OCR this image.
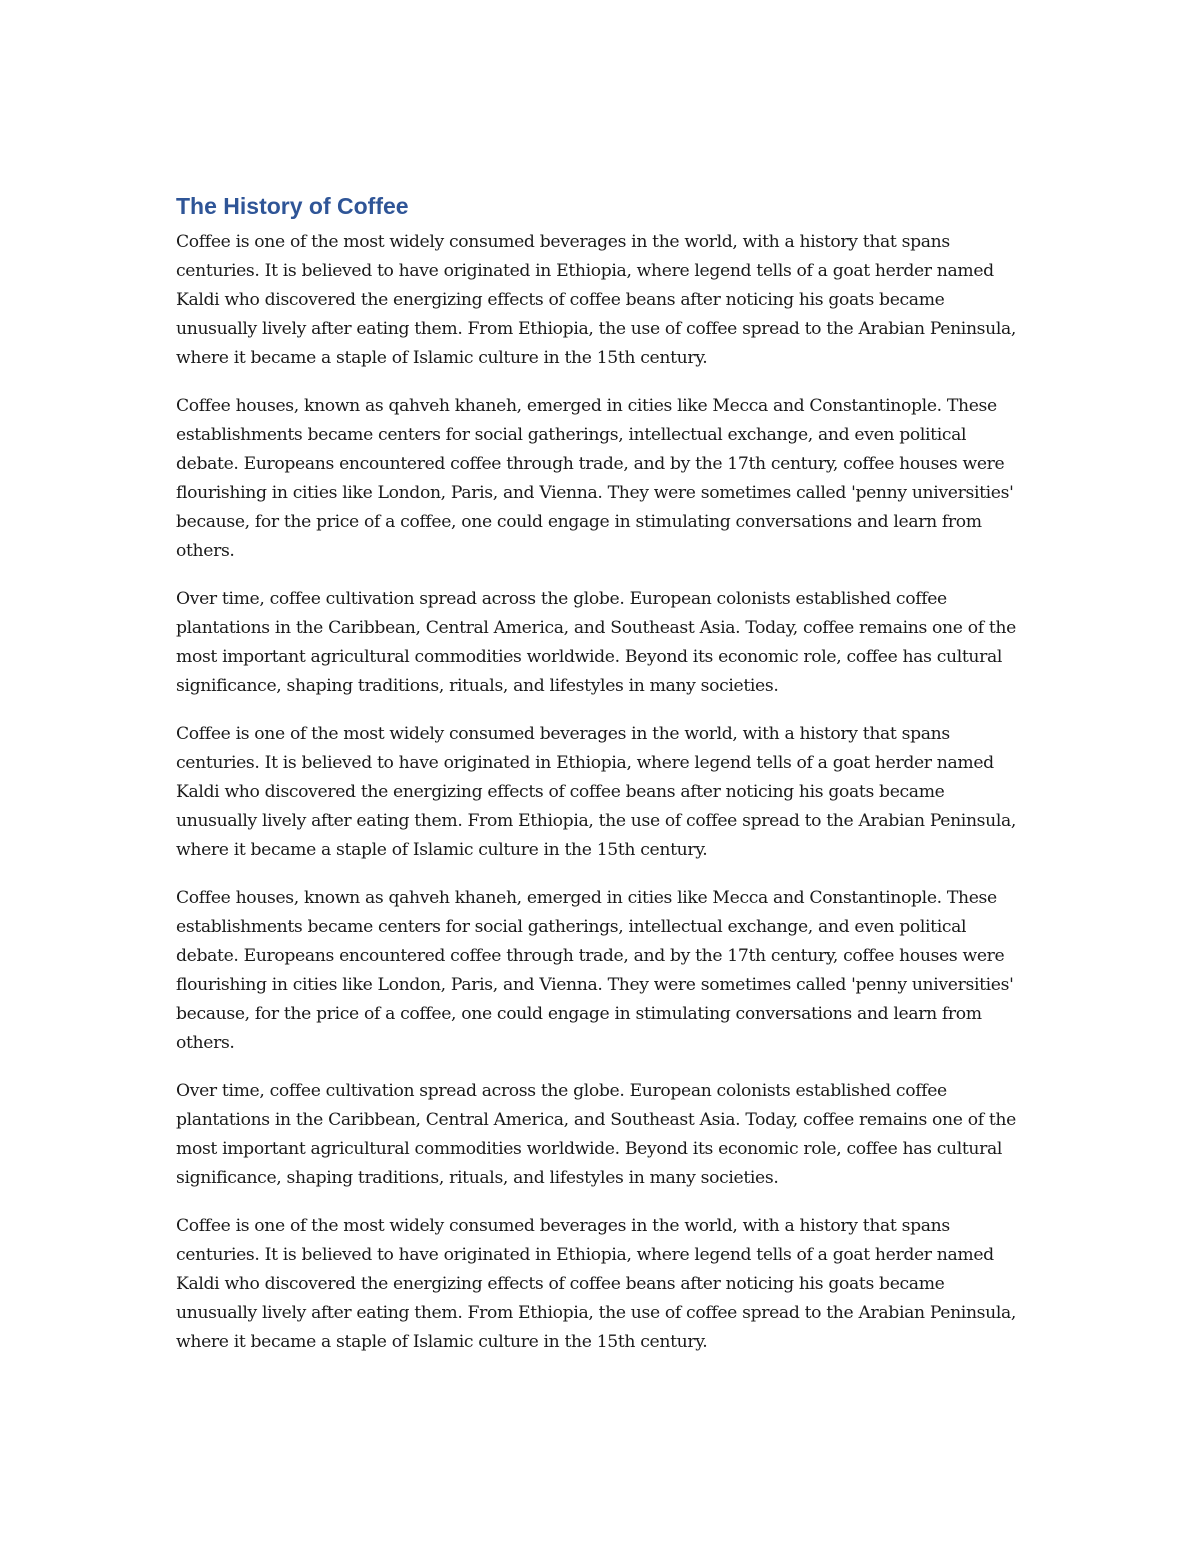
The History of Coffee

Coffee is one of the most widely consumed beverages in the world, with a history that spans centuries. It is believed to have originated in Ethiopia, where legend tells of a goat herder named Kaldi who discovered the energizing effects of coffee beans after noticing his goats became unusually lively after eating them. From Ethiopia, the use of coffee spread to the Arabian Peninsula, where it became a staple of Islamic culture in the 15th century.

Coffee houses, known as qahveh khaneh, emerged in cities like Mecca and Constantinople. These establishments became centers for social gatherings, intellectual exchange, and even political debate. Europeans encountered coffee through trade, and by the 17th century, coffee houses were flourishing in cities like London, Paris, and Vienna. They were sometimes called 'penny universities' because, for the price of a coffee, one could engage in stimulating conversations and learn from others.

Over time, coffee cultivation spread across the globe. European colonists established coffee plantations in the Caribbean, Central America, and Southeast Asia. Today, coffee remains one of the most important agricultural commodities worldwide. Beyond its economic role, coffee has cultural significance, shaping traditions, rituals, and lifestyles in many societies.

Coffee is one of the most widely consumed beverages in the world, with a history that spans centuries. It is believed to have originated in Ethiopia, where legend tells of a goat herder named Kaldi who discovered the energizing effects of coffee beans after noticing his goats became unusually lively after eating them. From Ethiopia, the use of coffee spread to the Arabian Peninsula, where it became a staple of Islamic culture in the 15th century.

Coffee houses, known as qahveh khaneh, emerged in cities like Mecca and Constantinople. These establishments became centers for social gatherings, intellectual exchange, and even political debate. Europeans encountered coffee through trade, and by the 17th century, coffee houses were flourishing in cities like London, Paris, and Vienna. They were sometimes called 'penny universities' because, for the price of a coffee, one could engage in stimulating conversations and learn from others.

Over time, coffee cultivation spread across the globe. European colonists established coffee plantations in the Caribbean, Central America, and Southeast Asia. Today, coffee remains one of the most important agricultural commodities worldwide. Beyond its economic role, coffee has cultural significance, shaping traditions, rituals, and lifestyles in many societies.

Coffee is one of the most widely consumed beverages in the world, with a history that spans centuries. It is believed to have originated in Ethiopia, where legend tells of a goat herder named Kaldi who discovered the energizing effects of coffee beans after noticing his goats became unusually lively after eating them. From Ethiopia, the use of coffee spread to the Arabian Peninsula, where it became a staple of Islamic culture in the 15th century.
